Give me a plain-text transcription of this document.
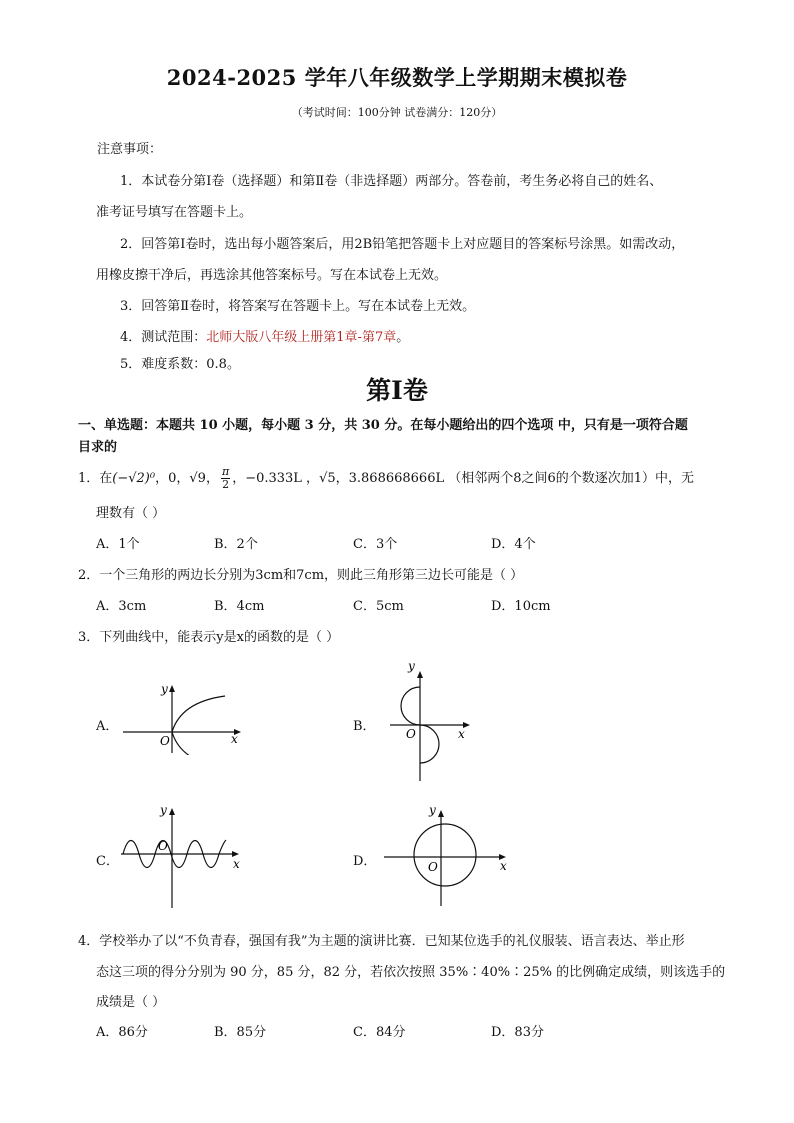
2024-2025 学年八年级数学上学期期末模拟卷
（考试时间：100分钟 试卷满分：120分）
注意事项：
1．本试卷分第Ⅰ卷（选择题）和第Ⅱ卷（非选择题）两部分。答卷前，考生务必将自己的姓名、
准考证号填写在答题卡上。
2．回答第Ⅰ卷时，选出每小题答案后，用2B铅笔把答题卡上对应题目的答案标号涂黑。如需改动，
用橡皮擦干净后，再选涂其他答案标号。写在本试卷上无效。
3．回答第Ⅱ卷时，将答案写在答题卡上。写在本试卷上无效。
4．测试范围：北师大版八年级上册第1章-第7章。
5．难度系数：0.8。
第Ⅰ卷
一、单选题：本题共 10 小题，每小题 3 分，共 30 分。在每小题给出的四个选项 中，只有是一项符合题
目求的
1．在(−√2)⁰，0，√9， $\frac{\pi}{2}$ ，−0.333L ，√5，3.868668666L （相邻两个8之间6的个数逐次加1）中，无
理数有（ ）
A．1个	B．2个	C．3个	D．4个
2．一个三角形的两边长分别为3cm和7cm，则此三角形第三边长可能是（ ）
A．3cm	B．4cm	C．5cm	D．10cm
3．下列曲线中，能表示y是x的函数的是（ ）
A．	B．
C．	D．
y
x
O
y
x
O
y
x
O
y
x
O
4．学校举办了以“不负青春，强国有我”为主题的演讲比赛．已知某位选手的礼仪服装、语言表达、举止形
态这三项的得分分别为 90 分，85 分，82 分，若依次按照 35%∶40%∶25% 的比例确定成绩，则该选手的
成绩是（ ）
A．86分	B．85分	C．84分	D．83分
